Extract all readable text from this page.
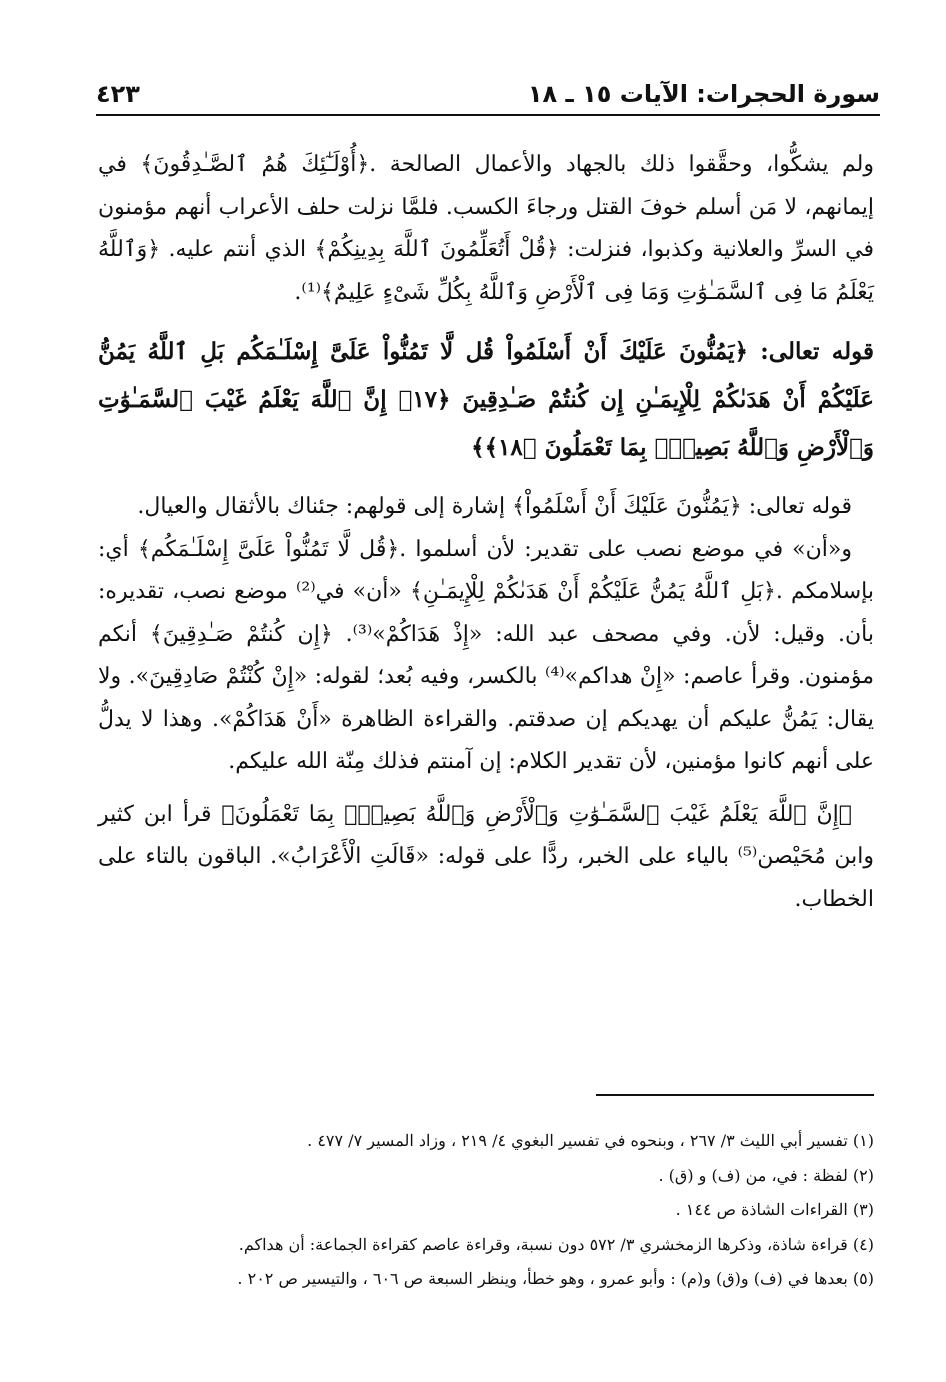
سورة الحجرات: الآيات ١٥ ـ ١٨
٤٢٣

ولم يشكُّوا، وحقَّقوا ذلك بالجهاد والأعمال الصالحة .﴿أُوْلَـٰٓئِكَ هُمُ ٱلصَّـٰدِقُونَ﴾ في إيمانهم، لا مَن أسلم خوفَ القتل ورجاءَ الكسب. فلمَّا نزلت حلف الأعراب أنهم مؤمنون في السرِّ والعلانية وكذبوا، فنزلت: ﴿قُلْ أَتُعَلِّمُونَ ٱللَّهَ بِدِينِكُمْ﴾ الذي أنتم عليه. ﴿وَٱللَّهُ يَعْلَمُ مَا فِى ٱلسَّمَـٰوَٰتِ وَمَا فِى ٱلْأَرْضِ وَٱللَّهُ بِكُلِّ شَىْءٍ عَلِيمٌ﴾⁽¹⁾.

قوله تعالى: ﴿يَمُنُّونَ عَلَيْكَ أَنْ أَسْلَمُواْ قُل لَّا تَمُنُّواْ عَلَىَّ إِسْلَـٰمَكُم بَلِ ٱللَّهُ يَمُنُّ عَلَيْكُمْ أَنْ هَدَىٰكُمْ لِلْإِيمَـٰنِ إِن كُنتُمْ صَـٰدِقِينَ ﴿١٧﴾ إِنَّ ٱللَّهَ يَعْلَمُ غَيْبَ ٱلسَّمَـٰوَٰتِ وَٱلْأَرْضِ وَٱللَّهُ بَصِيرٌۢ بِمَا تَعْمَلُونَ ﴿١٨﴾﴾

قوله تعالى: ﴿يَمُنُّونَ عَلَيْكَ أَنْ أَسْلَمُواْ﴾ إشارة إلى قولهم: جئناك بالأثقال والعيال.

و«أن» في موضع نصب على تقدير: لأن أسلموا .﴿قُل لَّا تَمُنُّواْ عَلَىَّ إِسْلَـٰمَكُم﴾ أي: بإسلامكم .﴿بَلِ ٱللَّهُ يَمُنُّ عَلَيْكُمْ أَنْ هَدَىٰكُمْ لِلْإِيمَـٰنِ﴾ «أن» في⁽²⁾ موضع نصب، تقديره: بأن. وقيل: لأن. وفي مصحف عبد الله: «إِذْ هَدَاكُمْ»⁽³⁾. ﴿إِن كُنتُمْ صَـٰدِقِينَ﴾ أنكم مؤمنون. وقرأ عاصم: «إِنْ هداكم»⁽⁴⁾ بالكسر، وفيه بُعد؛ لقوله: «إِنْ كُنْتُمْ صَادِقِينَ». ولا يقال: يَمُنُّ عليكم أن يهديكم إن صدقتم. والقراءة الظاهرة «أَنْ هَدَاكُمْ». وهذا لا يدلُّ على أنهم كانوا مؤمنين، لأن تقدير الكلام: إن آمنتم فذلك مِنّة الله عليكم.

﴿إِنَّ ٱللَّهَ يَعْلَمُ غَيْبَ ٱلسَّمَـٰوَٰتِ وَٱلْأَرْضِ وَٱللَّهُ بَصِيرٌۢ بِمَا تَعْمَلُونَ﴾ قرأ ابن كثير وابن مُحَيْصن⁽⁵⁾ بالياء على الخبر، ردًّا على قوله: «قَالَتِ الْأَعْرَابُ». الباقون بالتاء على الخطاب.

(١) تفسير أبي الليث ٣/ ٢٦٧ ، وبنحوه في تفسير البغوي ٤/ ٢١٩ ، وزاد المسير ٧/ ٤٧٧ .
(٢) لفظة : في، من (ف) و (ق) .
(٣) القراءات الشاذة ص ١٤٤ .
(٤) قراءة شاذة، وذكرها الزمخشري ٣/ ٥٧٢ دون نسبة، وقراءة عاصم كقراءة الجماعة: أن هداكم.
(٥) بعدها في (ف) و(ق) و(م) : وأبو عمرو ، وهو خطأ، وينظر السبعة ص ٦٠٦ ، والتيسير ص ٢٠٢ .
